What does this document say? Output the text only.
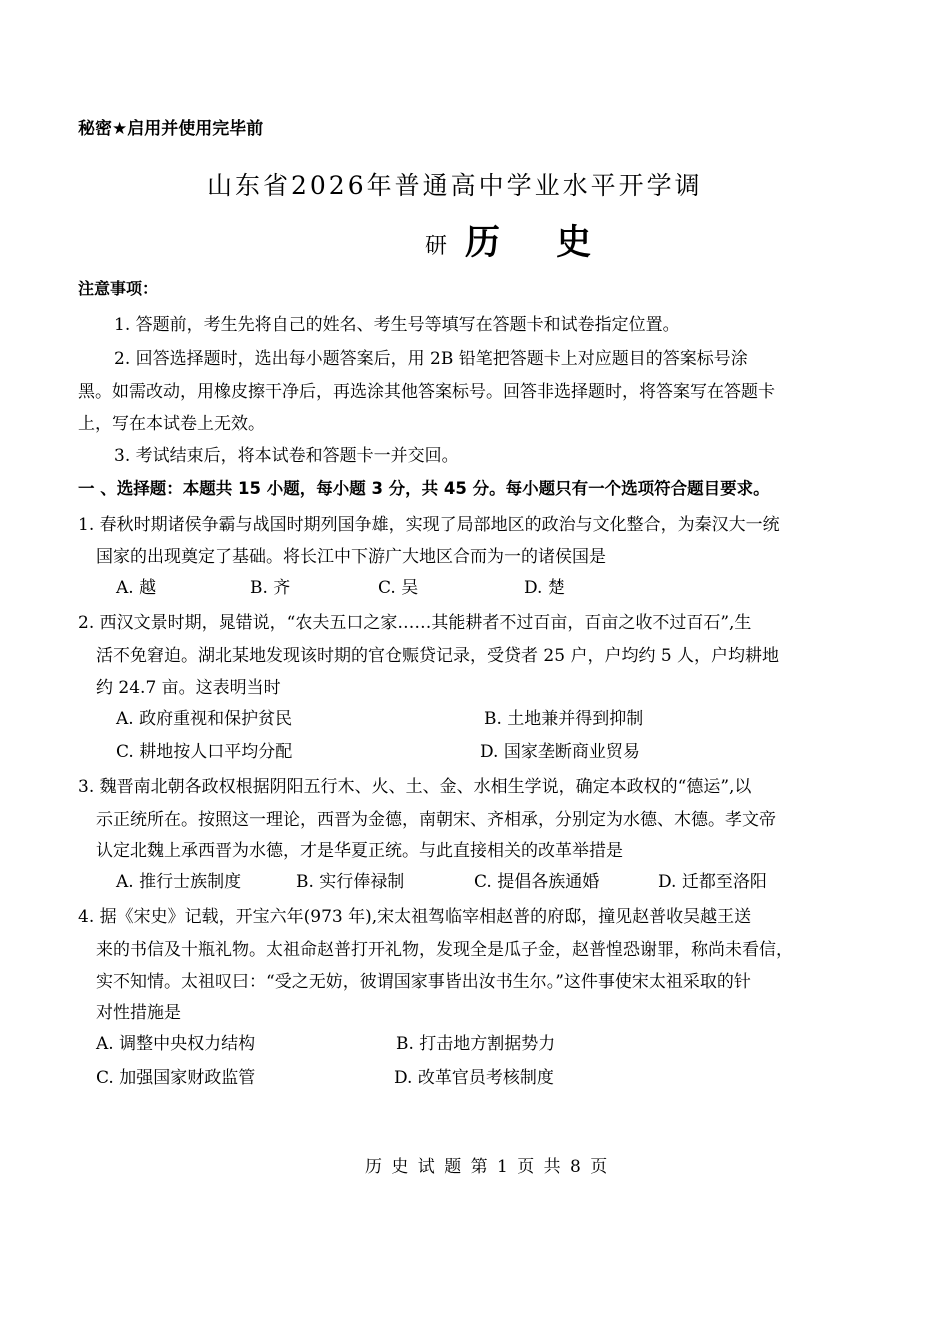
秘密★启用并使用完毕前
山东省2026年普通高中学业水平开学调
研 历 史
注意事项：
1. 答题前，考生先将自己的姓名、考生号等填写在答题卡和试卷指定位置。
2. 回答选择题时，选出每小题答案后，用 2B 铅笔把答题卡上对应题目的答案标号涂
黑。如需改动，用橡皮擦干净后，再选涂其他答案标号。回答非选择题时，将答案写在答题卡
上，写在本试卷上无效。
3. 考试结束后，将本试卷和答题卡一并交回。
一 、选择题：本题共 15 小题，每小题 3 分，共 45 分。每小题只有一个选项符合题目要求。
1. 春秋时期诸侯争霸与战国时期列国争雄，实现了局部地区的政治与文化整合，为秦汉大一统
国家的出现奠定了基础。将长江中下游广大地区合而为一的诸侯国是
A. 越	B. 齐	C. 吴	D. 楚
2. 西汉文景时期，晁错说，“农夫五口之家……其能耕者不过百亩，百亩之收不过百石”,生
活不免窘迫。湖北某地发现该时期的官仓赈贷记录，受贷者 25 户，户均约 5 人，户均耕地
约 24.7 亩。这表明当时
A. 政府重视和保护贫民	B. 土地兼并得到抑制
C. 耕地按人口平均分配	D. 国家垄断商业贸易
3. 魏晋南北朝各政权根据阴阳五行木、火、土、金、水相生学说，确定本政权的“德运”,以
示正统所在。按照这一理论，西晋为金德，南朝宋、齐相承，分别定为水德、木德。孝文帝
认定北魏上承西晋为水德，才是华夏正统。与此直接相关的改革举措是
A. 推行士族制度	B. 实行俸禄制	C. 提倡各族通婚	D. 迁都至洛阳
4. 据《宋史》记载，开宝六年(973 年),宋太祖驾临宰相赵普的府邸，撞见赵普收吴越王送
来的书信及十瓶礼物。太祖命赵普打开礼物，发现全是瓜子金，赵普惶恐谢罪，称尚未看信，
实不知情。太祖叹曰：“受之无妨，彼谓国家事皆出汝书生尔。”这件事使宋太祖采取的针
对性措施是
A. 调整中央权力结构	B. 打击地方割据势力
C. 加强国家财政监管	D. 改革官员考核制度
历 史 试 题 第 1 页 共 8 页
